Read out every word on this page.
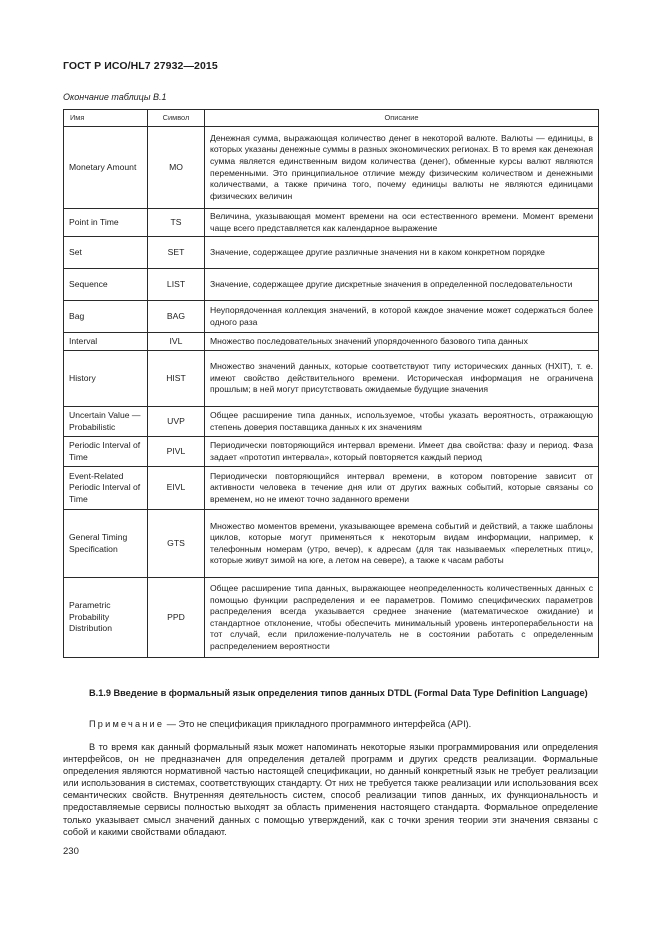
ГОСТ Р ИСО/HL7 27932—2015
Окончание таблицы В.1
Имя	Символ	Описание
Monetary Amount	MO	Денежная сумма, выражающая количество денег в некоторой валюте. Валюты — единицы, в которых указаны денежные суммы в разных экономических регионах. В то время как денежная сумма является единственным видом количества (денег), обменные курсы валют являются переменными. Это принципиальное отличие между физическим количеством и денежными количествами, а также причина того, почему единицы валюты не являются единицами физических величин
Point in Time	TS	Величина, указывающая момент времени на оси естественного времени. Момент времени чаще всего представляется как календарное выражение
Set	SET	Значение, содержащее другие различные значения ни в каком конкретном порядке
Sequence	LIST	Значение, содержащее другие дискретные значения в определенной последовательности
Bag	BAG	Неупорядоченная коллекция значений, в которой каждое значение может содержаться более одного раза
Interval	IVL	Множество последовательных значений упорядоченного базового типа данных
History	HIST	Множество значений данных, которые соответствуют типу исторических данных (HXIT), т. е. имеют свойство действительного времени. Историческая информация не ограничена прошлым; в ней могут присутствовать ожидаемые будущие значения
Uncertain Value — Probabilistic	UVP	Общее расширение типа данных, используемое, чтобы указать вероятность, отражающую степень доверия поставщика данных к их значениям
Periodic Interval of Time	PIVL	Периодически повторяющийся интервал времени. Имеет два свойства: фазу и период. Фаза задает «прототип интервала», который повторяется каждый период
Event-Related Periodic Interval of Time	EIVL	Периодически повторяющийся интервал времени, в котором повторение зависит от активности человека в течение дня или от других важных событий, которые связаны со временем, но не имеют точно заданного времени
General Timing Specification	GTS	Множество моментов времени, указывающее времена событий и действий, а также шаблоны циклов, которые могут применяться к некоторым видам информации, например, к телефонным номерам (утро, вечер), к адресам (для так называемых «перелетных птиц», которые живут зимой на юге, а летом на севере), а также к часам работы
Parametric Probability Distribution	PPD	Общее расширение типа данных, выражающее неопределенность количественных данных с помощью функции распределения и ее параметров. Помимо специфических параметров распределения всегда указывается среднее значение (математическое ожидание) и стандартное отклонение, чтобы обеспечить минимальный уровень интероперабельности на тот случай, если приложение-получатель не в состоянии работать с определенным распределением вероятности
В.1.9 Введение в формальный язык определения типов данных DTDL (Formal Data Type Definition Language)
Примечание — Это не спецификация прикладного программного интерфейса (API).

В то время как данный формальный язык может напоминать некоторые языки программирования или определения интерфейсов, он не предназначен для определения деталей программ и других средств реализации. Формальные определения являются нормативной частью настоящей спецификации, но данный конкретный язык не требует реализации или использования в системах, соответствующих стандарту. От них не требуется также реализации или использования всех семантических свойств. Внутренняя деятельность систем, способ реализации типов данных, их функциональность и предоставляемые сервисы полностью выходят за область применения настоящего стандарта. Формальное определение только указывает смысл значений данных с помощью утверждений, как с точки зрения теории эти значения связаны с собой и какими свойствами обладают.

230
